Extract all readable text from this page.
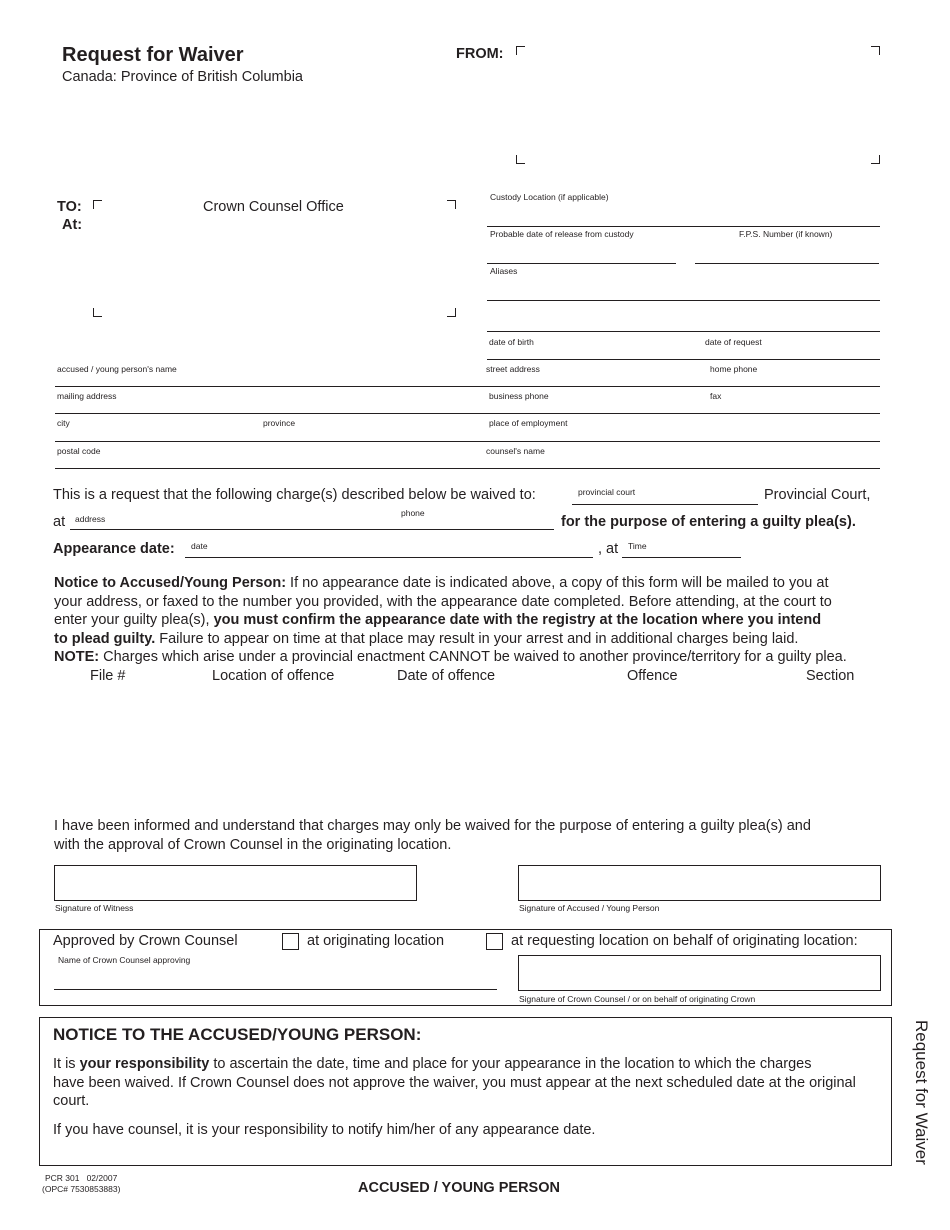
Request for Waiver
Canada: Province of British Columbia
FROM:
TO:
At:
Crown Counsel Office
Custody Location (if applicable)
Probable date of release from custody	F.P.S. Number (if known)
Aliases
date of birth	date of request
accused / young person's name	street address	home phone
mailing address	business phone	fax
city	province	place of employment
postal code	counsel's name
This is a request that the following charge(s) described below be waived to:	provincial court	Provincial Court,
at address
phone
for the purpose of entering a guilty plea(s).
Appearance date: date	, at Time
Notice to Accused/Young Person: If no appearance date is indicated above, a copy of this form will be mailed to you at
your address, or faxed to the number you provided, with the appearance date completed. Before attending, at the court to
enter your guilty plea(s), you must confirm the appearance date with the registry at the location where you intend
to plead guilty. Failure to appear on time at that place may result in your arrest and in additional charges being laid.
NOTE: Charges which arise under a provincial enactment CANNOT be waived to another province/territory for a guilty plea.
File #	Location of offence	Date of offence	Offence	Section
I have been informed and understand that charges may only be waived for the purpose of entering a guilty plea(s) and
with the approval of Crown Counsel in the originating location.
Signature of Witness	Signature of Accused / Young Person
Approved by Crown Counsel	at originating location	at requesting location on behalf of originating location:
Name of Crown Counsel approving
Signature of Crown Counsel / or on behalf of originating Crown
NOTICE TO THE ACCUSED/YOUNG PERSON:
It is your responsibility to ascertain the date, time and place for your appearance in the location to which the charges
have been waived. If Crown Counsel does not approve the waiver, you must appear at the next scheduled date at the original
court.
If you have counsel, it is your responsibility to notify him/her of any appearance date.	Request for Waiver
PCR 301   02/2007
(OPC# 7530853883)	ACCUSED / YOUNG PERSON
